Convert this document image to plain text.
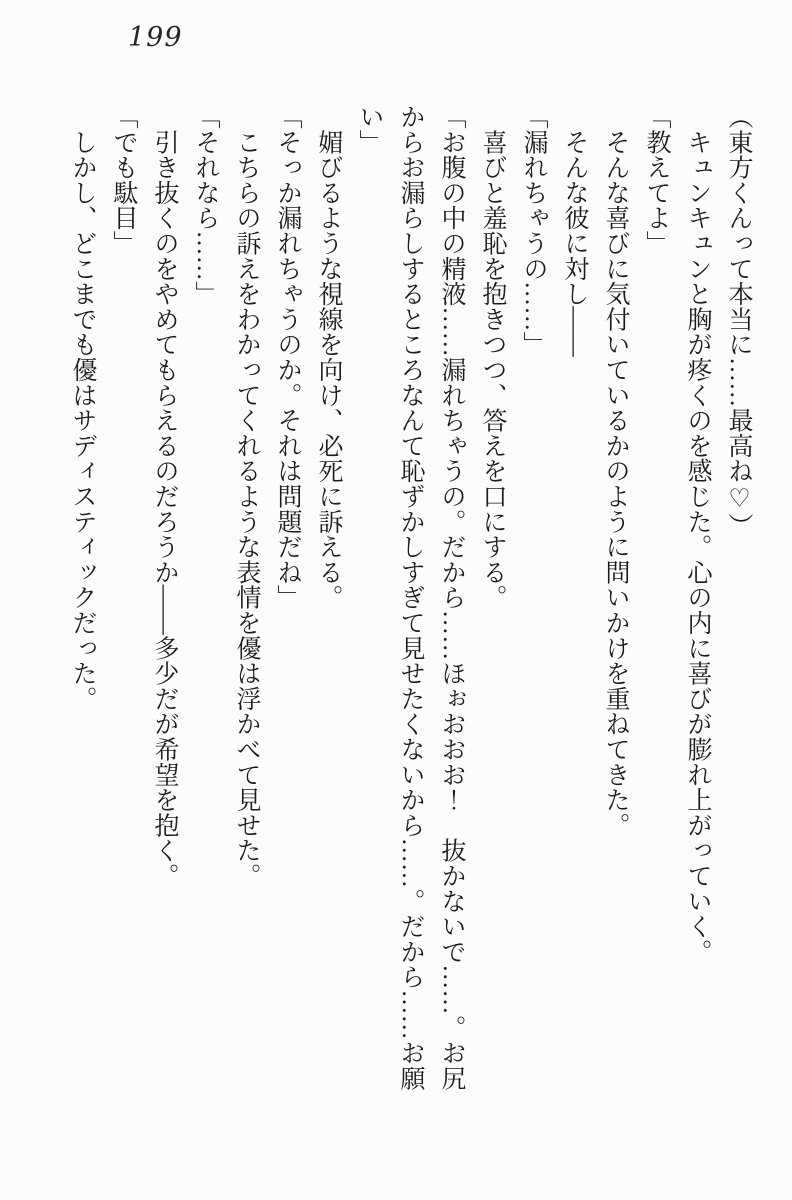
199

（東方くんって本当に……最高ね♡）

　キュンキュンと胸が疼くのを感じた。心の内に喜びが膨れ上がっていく。

「教えてよ」

　そんな喜びに気付いているかのように問いかけを重ねてきた。

　そんな彼に対し——

「漏れちゃうの……」

　喜びと羞恥を抱きつつ、答えを口にする。

「お腹の中の精液……漏れちゃうの。だから……ほぉおおお！　抜かないで……。お尻からお漏らしするところなんて恥ずかしすぎて見せたくないから……。だから……お願い」

　媚びるような視線を向け、必死に訴える。

「そっか漏れちゃうのか。それは問題だね」

　こちらの訴えをわかってくれるような表情を優は浮かべて見せた。

「それなら……」

　引き抜くのをやめてもらえるのだろうか——多少だが希望を抱く。

「でも駄目」

　しかし、どこまでも優はサディスティックだった。
